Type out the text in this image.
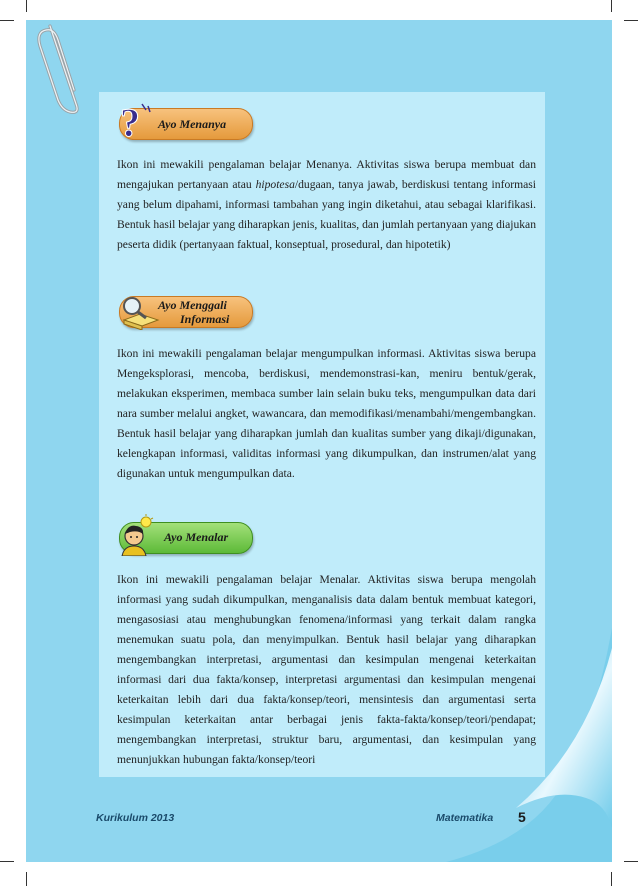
? Ayo Menanya

Ikon ini mewakili pengalaman belajar Menanya. Aktivitas siswa berupa membuat dan mengajukan pertanyaan atau hipotesa/dugaan, tanya jawab, berdiskusi tentang informasi yang belum dipahami, informasi tambahan yang ingin diketahui, atau sebagai klarifikasi. Bentuk hasil belajar yang diharapkan jenis, kualitas, dan jumlah pertanyaan yang diajukan peserta didik (pertanyaan faktual, konseptual, prosedural, dan hipotetik)

Ayo Menggali
Informasi

Ikon ini mewakili pengalaman belajar mengumpulkan informasi. Aktivitas siswa berupa Mengeksplorasi, mencoba, berdiskusi, mendemonstrasi-kan, meniru bentuk/gerak, melakukan eksperimen, membaca sumber lain selain buku teks, mengumpulkan data dari nara sumber melalui angket, wawancara, dan memodifikasi/menambahi/mengembangkan. Bentuk hasil belajar yang diharapkan jumlah dan kualitas sumber yang dikaji/digunakan, kelengkapan informasi, validitas informasi yang dikumpulkan, dan instrumen/alat yang digunakan untuk mengumpulkan data.

Ayo Menalar

Ikon ini mewakili pengalaman belajar Menalar. Aktivitas siswa berupa mengolah informasi yang sudah dikumpulkan, menganalisis data dalam bentuk membuat kategori, mengasosiasi atau menghubungkan fenomena/informasi yang terkait dalam rangka menemukan suatu pola, dan menyimpulkan. Bentuk hasil belajar yang diharapkan mengembangkan interpretasi, argumentasi dan kesimpulan mengenai keterkaitan informasi dari dua fakta/konsep, interpretasi argumentasi dan kesimpulan mengenai keterkaitan lebih dari dua fakta/konsep/teori, mensintesis dan argumentasi serta kesimpulan keterkaitan antar berbagai jenis fakta-fakta/konsep/teori/pendapat; mengembangkan interpretasi, struktur baru, argumentasi, dan kesimpulan yang menunjukkan hubungan fakta/konsep/teori

Kurikulum 2013	Matematika 5
